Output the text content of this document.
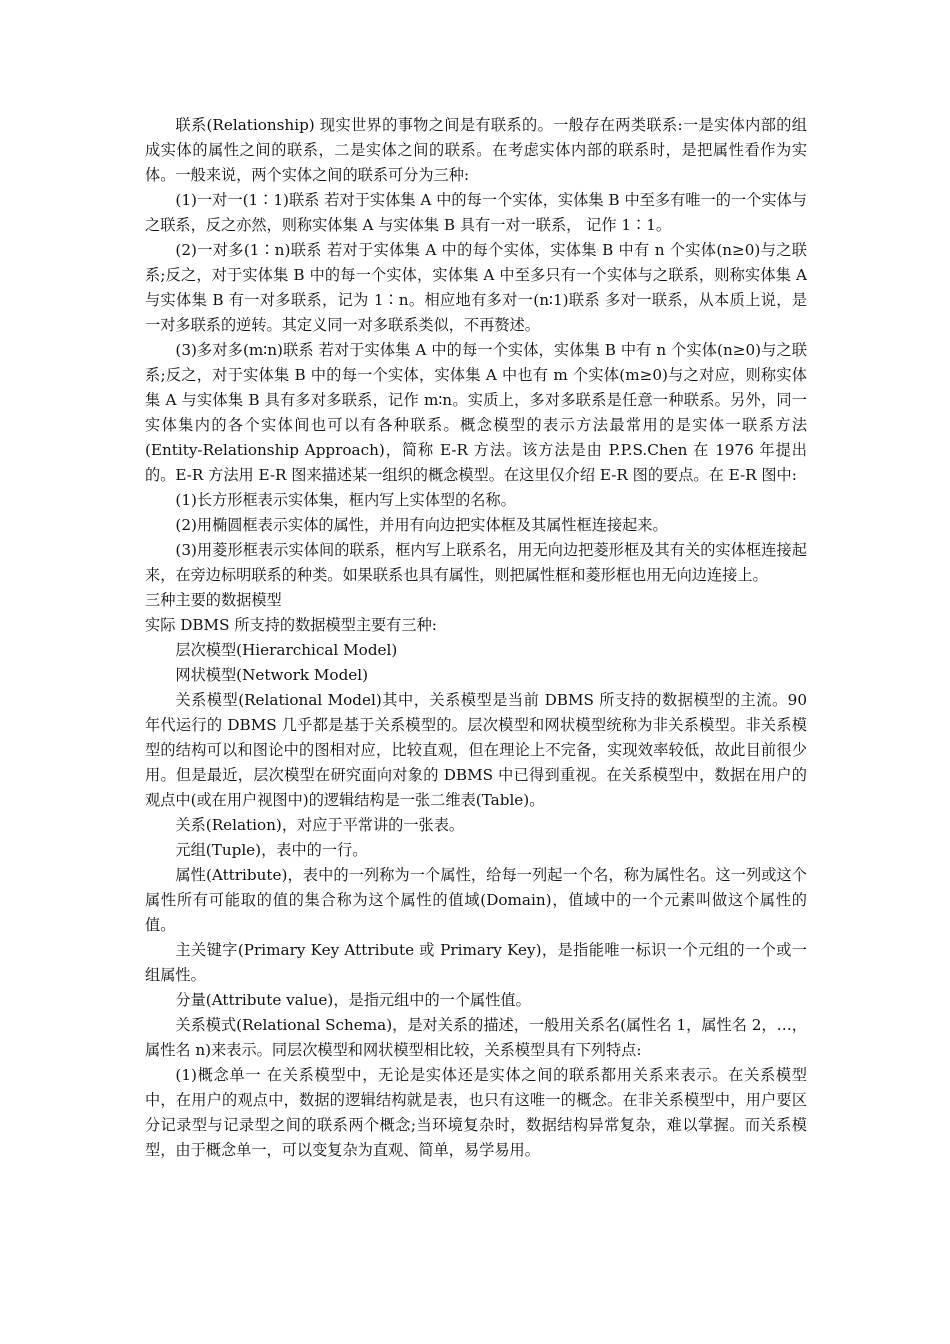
联系(Relationship) 现实世界的事物之间是有联系的。一般存在两类联系:一是实体内部的组成实体的属性之间的联系，二是实体之间的联系。在考虑实体内部的联系时，是把属性看作为实体。一般来说，两个实体之间的联系可分为三种:

(1)一对一(1∶1)联系 若对于实体集 A 中的每一个实体，实体集 B 中至多有唯一的一个实体与之联系，反之亦然，则称实体集 A 与实体集 B 具有一对一联系， 记作 1∶1。

(2)一对多(1∶n)联系 若对于实体集 A 中的每个实体，实体集 B 中有 n 个实体(n≥0)与之联系;反之，对于实体集 B 中的每一个实体，实体集 A 中至多只有一个实体与之联系，则称实体集 A 与实体集 B 有一对多联系，记为 1∶n。相应地有多对一(n∶1)联系 多对一联系，从本质上说，是一对多联系的逆转。其定义同一对多联系类似，不再赘述。

(3)多对多(m∶n)联系 若对于实体集 A 中的每一个实体，实体集 B 中有 n 个实体(n≥0)与之联系;反之，对于实体集 B 中的每一个实体，实体集 A 中也有 m 个实体(m≥0)与之对应，则称实体集 A 与实体集 B 具有多对多联系，记作 m∶n。实质上，多对多联系是任意一种联系。另外，同一实体集内的各个实体间也可以有各种联系。概念模型的表示方法最常用的是实体一联系方法(Entity-Relationship Approach)，简称 E-R 方法。该方法是由 P.P.S.Chen 在 1976 年提出的。E-R 方法用 E-R 图来描述某一组织的概念模型。在这里仅介绍 E-R 图的要点。在 E-R 图中:

(1)长方形框表示实体集，框内写上实体型的名称。

(2)用椭圆框表示实体的属性，并用有向边把实体框及其属性框连接起来。

(3)用菱形框表示实体间的联系，框内写上联系名，用无向边把菱形框及其有关的实体框连接起来，在旁边标明联系的种类。如果联系也具有属性，则把属性框和菱形框也用无向边连接上。

三种主要的数据模型

实际 DBMS 所支持的数据模型主要有三种:

层次模型(Hierarchical Model)

网状模型(Network Model)

关系模型(Relational Model)其中，关系模型是当前 DBMS 所支持的数据模型的主流。90 年代运行的 DBMS 几乎都是基于关系模型的。层次模型和网状模型统称为非关系模型。非关系模型的结构可以和图论中的图相对应，比较直观，但在理论上不完备，实现效率较低，故此目前很少用。但是最近，层次模型在研究面向对象的 DBMS 中已得到重视。在关系模型中，数据在用户的观点中(或在用户视图中)的逻辑结构是一张二维表(Table)。

关系(Relation)，对应于平常讲的一张表。

元组(Tuple)，表中的一行。

属性(Attribute)，表中的一列称为一个属性，给每一列起一个名，称为属性名。这一列或这个属性所有可能取的值的集合称为这个属性的值域(Domain)，值域中的一个元素叫做这个属性的值。

主关键字(Primary Key Attribute 或 Primary Key)，是指能唯一标识一个元组的一个或一组属性。

分量(Attribute value)，是指元组中的一个属性值。

关系模式(Relational Schema)，是对关系的描述，一般用关系名(属性名 1，属性名 2，…，属性名 n)来表示。同层次模型和网状模型相比较，关系模型具有下列特点:

(1)概念单一 在关系模型中，无论是实体还是实体之间的联系都用关系来表示。在关系模型中，在用户的观点中，数据的逻辑结构就是表，也只有这唯一的概念。在非关系模型中，用户要区分记录型与记录型之间的联系两个概念;当环境复杂时，数据结构异常复杂，难以掌握。而关系模型，由于概念单一，可以变复杂为直观、简单，易学易用。
